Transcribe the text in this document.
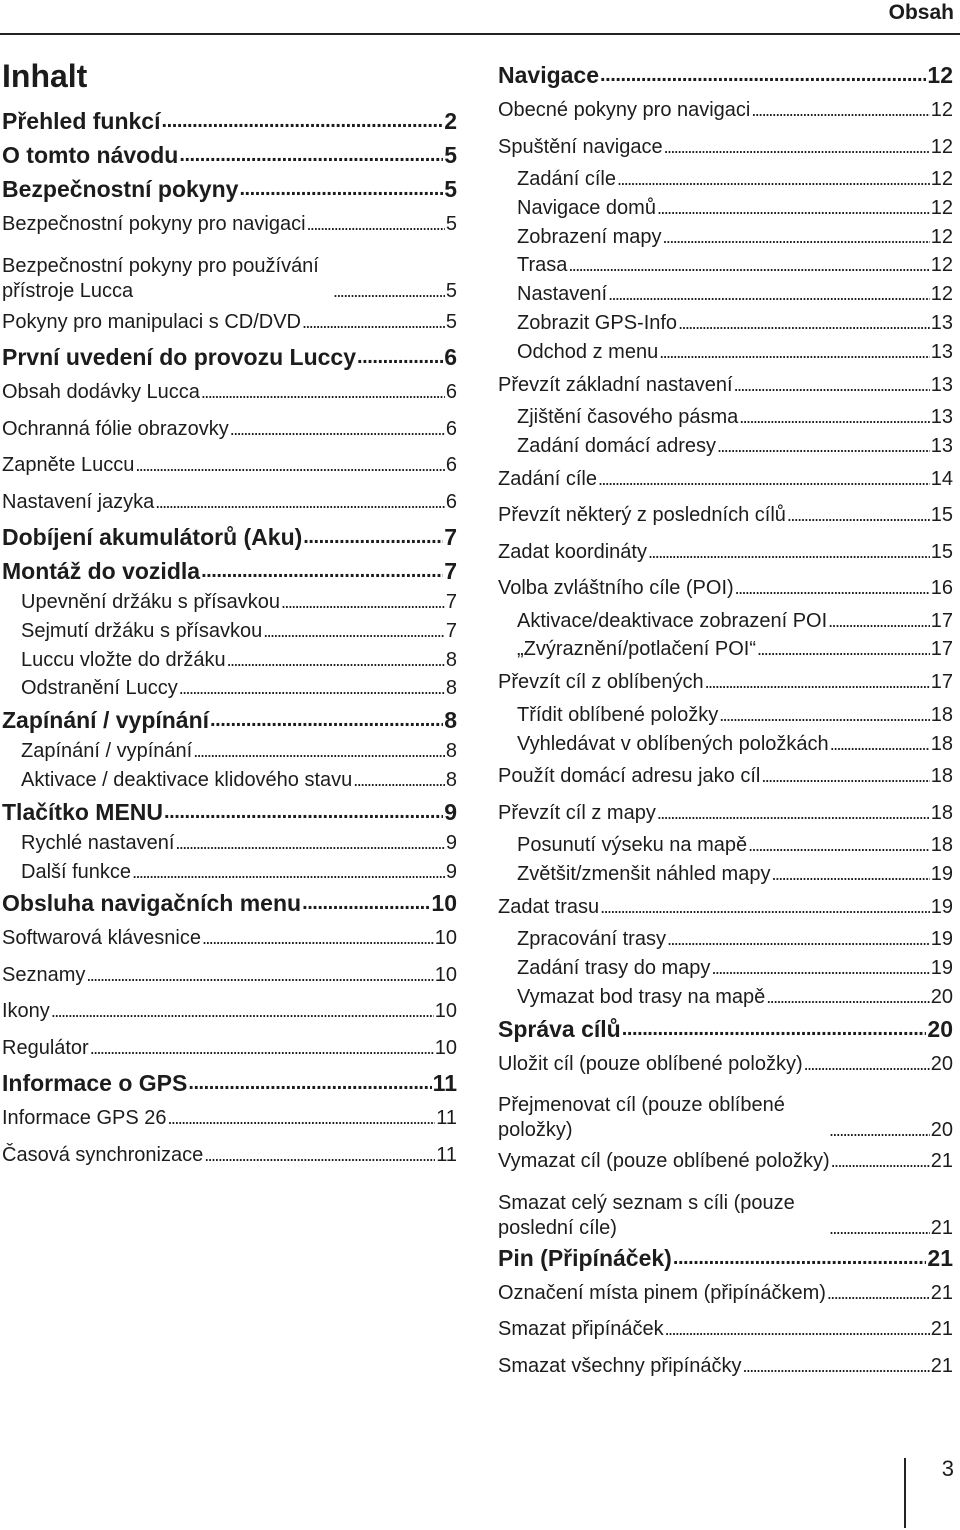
Obsah
Inhalt
Přehled funkcí . . .	2
O tomto návodu . . .	5
Bezpečnostní pokyny . . .	5
Bezpečnostní pokyny pro navigaci . . .	5
Bezpečnostní pokyny pro používání přístroje Lucca . . .	5
Pokyny pro manipulaci s CD/DVD . . .	5
První uvedení do provozu Luccy . . .	6
Obsah dodávky Lucca . . .	6
Ochranná fólie obrazovky . . .	6
Zapněte Luccu . . .	6
Nastavení jazyka . . .	6
Dobíjení akumulátorů (Aku) . . .	7
Montáž do vozidla . . .	7
Upevnění držáku s přísavkou . . .	7
Sejmutí držáku s přísavkou . . .	7
Luccu vložte do držáku . . .	8
Odstranění Luccy . . .	8
Zapínání / vypínání . . .	8
Zapínání / vypínání . . .	8
Aktivace / deaktivace klidového stavu . . .	8
Tlačítko MENU . . .	9
Rychlé nastavení . . .	9
Další funkce . . .	9
Obsluha navigačních menu . . .	10
Softwarová klávesnice . . .	10
Seznamy . . .	10
Ikony . . .	10
Regulátor . . .	10
Informace o GPS . . .	11
Informace GPS 26 . . .	11
Časová synchronizace . . .	11
Navigace . . .	12
Obecné pokyny pro navigaci . . .	12
Spuštění navigace . . .	12
Zadání cíle . . .	12
Navigace domů . . .	12
Zobrazení mapy . . .	12
Trasa . . .	12
Nastavení . . .	12
Zobrazit GPS-Info . . .	13
Odchod z menu . . .	13
Převzít základní nastavení . . .	13
Zjištění časového pásma . . .	13
Zadání domácí adresy . . .	13
Zadání cíle . . .	14
Převzít některý z posledních cílů . . .	15
Zadat koordináty . . .	15
Volba zvláštního cíle (POI) . . .	16
Aktivace/deaktivace zobrazení POI . . .	17
„Zvýraznění/potlačení POI“ . . .	17
Převzít cíl z oblíbených . . .	17
Třídit oblíbené položky . . .	18
Vyhledávat v oblíbených položkách . . .	18
Použít domácí adresu jako cíl . . .	18
Převzít cíl z mapy . . .	18
Posunutí výseku na mapě . . .	18
Zvětšit/zmenšit náhled mapy . . .	19
Zadat trasu . . .	19
Zpracování trasy . . .	19
Zadání trasy do mapy . . .	19
Vymazat bod trasy na mapě . . .	20
Správa cílů . . .	20
Uložit cíl (pouze oblíbené položky) . . .	20
Přejmenovat cíl (pouze oblíbené položky) . . .	20
Vymazat cíl (pouze oblíbené položky) . . .	21
Smazat celý seznam s cíli (pouze poslední cíle) . . .	21
Pin (Připínáček) . . .	21
Označení místa pinem (připínáčkem) . . .	21
Smazat připínáček . . .	21
Smazat všechny připínáčky . . .	21
3
